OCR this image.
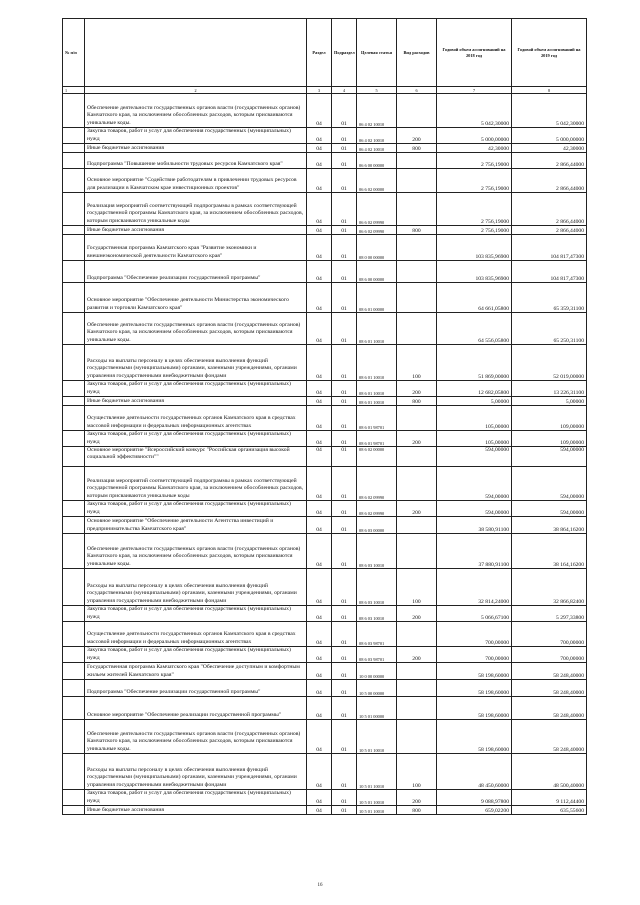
№ п/п		Раздел	Подраздел	Целевая статья	Вид расходов	Годовой объем ассигнований на 2018 год	Годовой объем ассигнований на 2019 год
1	2	3	4	5	6	7	8
	Обеспечение деятельности государственных органов власти (государственных органов) Камчатского края, за исключением обособленных расходов, которым присваиваются уникальные коды.	04	01	06 4 02 10010		5 042,30000	5 042,30000
	Закупка товаров, работ и услуг для обеспечения государственных (муниципальных) нужд	04	01	06 4 02 10010	200	5 000,00000	5 000,00000
	Иные бюджетные ассигнования	04	01	06 4 02 10010	800	42,30000	42,30000
	Подпрограмма "Повышение мобильности трудовых ресурсов Камчатского края"	04	01	06 6 00 00000		2 756,19000	2 866,44000
	Основное мероприятие "Содействие работодателям в привлечении трудовых ресурсов для реализации в Камчатском крае инвестиционных проектов"	04	01	06 6 02 00000		2 756,19000	2 866,44000
	Реализация мероприятий соответствующей подпрограммы в рамках соответствующей государственной программы Камчатского края, за исключением обособленных расходов, которым присваиваются уникальные коды	04	01	06 6 02 09990		2 756,19000	2 866,44000
	Иные бюджетные ассигнования	04	01	06 6 02 09990	800	2 756,19000	2 866,44000
	Государственная программа Камчатского края "Развитие экономики и внешнеэкономической деятельности Камчатского края"	04	01	08 0 00 00000		103 835,96900	104 817,47300
	Подпрограмма "Обеспечение реализации государственной программы"	04	01	08 6 00 00000		103 835,96900	104 817,47300
	Основное мероприятие "Обеспечение деятельности Министерства экономического развития и торговли Камчатского края"	04	01	08 6 01 00000		64 661,05800	65 359,31100
	Обеспечение деятельности государственных органов власти (государственных органов) Камчатского края, за исключением обособленных расходов, которым присваиваются уникальные коды.	04	01	08 6 01 10010		64 556,05800	65 250,31100
	Расходы на выплаты персоналу в целях обеспечения выполнения функций государственными (муниципальными) органами, казенными учреждениями, органами управления государственными внебюджетными фондами	04	01	08 6 01 10010	100	51 869,00000	52 019,00000
	Закупка товаров, работ и услуг для обеспечения государственных (муниципальных) нужд	04	01	08 6 01 10010	200	12 682,05800	13 226,31100
	Иные бюджетные ассигнования	04	01	08 6 01 10010	800	5,00000	5,00000
	Осуществление деятельности государственных органов Камчатского края в средствах массовой информации и федеральных информационных агентствах	04	01	08 6 01 98701		105,00000	109,00000
	Закупка товаров, работ и услуг для обеспечения государственных (муниципальных) нужд	04	01	08 6 01 98701	200	105,00000	109,00000
	Основное мероприятие "Всероссийский конкурс "Российская организация высокой социальной эффективности""	04	01	08 6 02 00000		594,00000	594,00000
	Реализация мероприятий соответствующей подпрограммы в рамках соответствующей государственной программы Камчатского края, за исключением обособленных расходов, которым присваиваются уникальные коды	04	01	08 6 02 09990		594,00000	594,00000
	Закупка товаров, работ и услуг для обеспечения государственных (муниципальных) нужд	04	01	08 6 02 09990	200	594,00000	594,00000
	Основное мероприятие "Обеспечение деятельности Агентства инвестиций и предпринимательства Камчатского края"	04	01	08 6 03 00000		38 580,91100	38 864,16200
	Обеспечение деятельности государственных органов власти (государственных органов) Камчатского края, за исключением обособленных расходов, которым присваиваются уникальные коды.	04	01	08 6 03 10010		37 880,91100	38 164,16200
	Расходы на выплаты персоналу в целях обеспечения выполнения функций государственными (муниципальными) органами, казенными учреждениями, органами управления государственными внебюджетными фондами	04	01	08 6 03 10010	100	32 814,24000	32 866,82400
	Закупка товаров, работ и услуг для обеспечения государственных (муниципальных) нужд	04	01	08 6 03 10010	200	5 066,67100	5 297,33800
	Осуществление деятельности государственных органов Камчатского края в средствах массовой информации и федеральных информационных агентствах	04	01	08 6 03 98701		700,00000	700,00000
	Закупка товаров, работ и услуг для обеспечения государственных (муниципальных) нужд	04	01	08 6 03 98701	200	700,00000	700,00000
	Государственная программа Камчатского края "Обеспечение доступным и комфортным жильем жителей Камчатского края"	04	01	10 0 00 00000		58 198,60000	58 248,40000
	Подпрограмма "Обеспечение реализации государственной программы"	04	01	10 5 00 00000		58 198,60000	58 248,40000
	Основное мероприятие "Обеспечение реализации государственной программы"	04	01	10 5 01 00000		58 198,60000	58 248,40000
	Обеспечение деятельности государственных органов власти (государственных органов) Камчатского края, за исключением обособленных расходов, которым присваиваются уникальные коды.	04	01	10 5 01 10010		58 198,60000	58 248,40000
	Расходы на выплаты персоналу в целях обеспечения выполнения функций государственными (муниципальными) органами, казенными учреждениями, органами управления государственными внебюджетными фондами	04	01	10 5 01 10010	100	48 450,60000	48 500,40000
	Закупка товаров, работ и услуг для обеспечения государственных (муниципальных) нужд	04	01	10 5 01 10010	200	9 088,97800	9 112,44400
	Иные бюджетные ассигнования	04	01	10 5 01 10010	800	659,02200	635,55600
16
